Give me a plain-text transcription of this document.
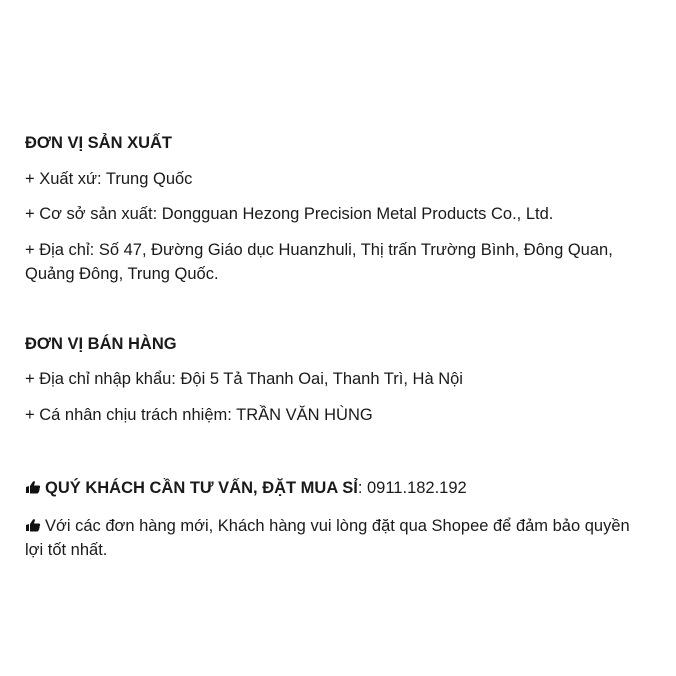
ĐƠN VỊ SẢN XUẤT
+ Xuất xứ: Trung Quốc
+ Cơ sở sản xuất: Dongguan Hezong Precision Metal Products Co., Ltd.
+ Địa chỉ: Số 47, Đường Giáo dục Huanzhuli, Thị trấn Trường Bình, Đông Quan,
Quảng Đông, Trung Quốc.
ĐƠN VỊ BÁN HÀNG
+ Địa chỉ nhập khẩu: Đội 5 Tả Thanh Oai, Thanh Trì, Hà Nội
+ Cá nhân chịu trách nhiệm: TRẦN VĂN HÙNG
QUÝ KHÁCH CẦN TƯ VẤN, ĐẶT MUA SỈ: 0911.182.192
Với các đơn hàng mới, Khách hàng vui lòng đặt qua Shopee để đảm bảo quyền
lợi tốt nhất.
